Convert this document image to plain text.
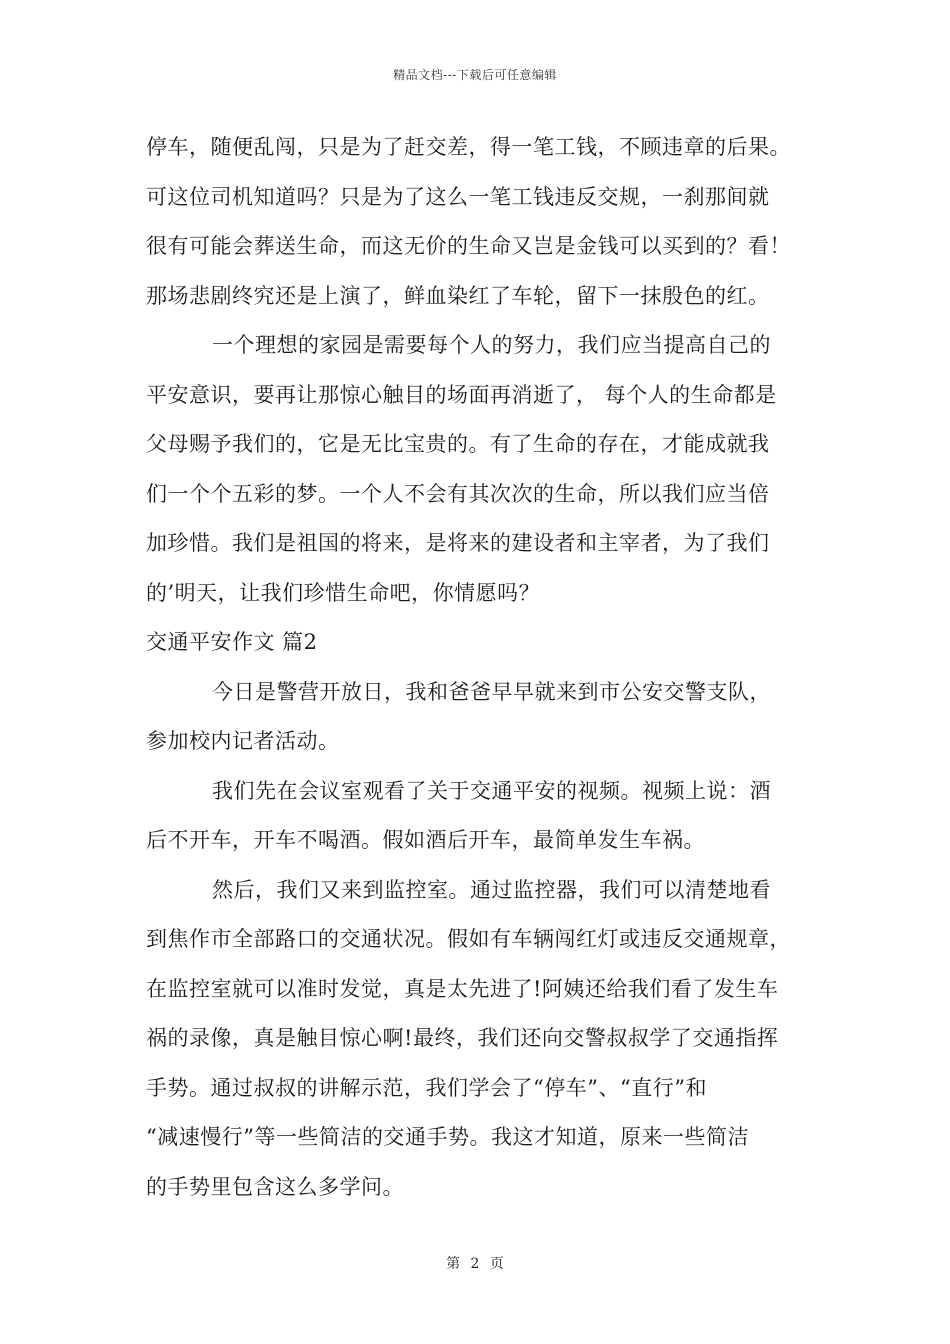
精品文档---下载后可任意编辑
停车，随便乱闯，只是为了赶交差，得一笔工钱，不顾违章的后果。
可这位司机知道吗？只是为了这么一笔工钱违反交规，一刹那间就
很有可能会葬送生命，而这无价的生命又岂是金钱可以买到的？看！
那场悲剧终究还是上演了，鲜血染红了车轮，留下一抹殷色的红。
一个理想的家园是需要每个人的努力，我们应当提高自己的
平安意识，要再让那惊心触目的场面再消逝了， 每个人的生命都是
父母赐予我们的，它是无比宝贵的。有了生命的存在，才能成就我
们一个个五彩的梦。一个人不会有其次次的生命，所以我们应当倍
加珍惜。我们是祖国的将来，是将来的建设者和主宰者，为了我们
的’明天，让我们珍惜生命吧，你情愿吗？
交通平安作文 篇2
今日是警营开放日，我和爸爸早早就来到市公安交警支队，
参加校内记者活动。
我们先在会议室观看了关于交通平安的视频。视频上说：酒
后不开车，开车不喝酒。假如酒后开车，最简单发生车祸。
然后，我们又来到监控室。通过监控器，我们可以清楚地看
到焦作市全部路口的交通状况。假如有车辆闯红灯或违反交通规章，
在监控室就可以准时发觉，真是太先进了!阿姨还给我们看了发生车
祸的录像，真是触目惊心啊!最终，我们还向交警叔叔学了交通指挥
手势。通过叔叔的讲解示范，我们学会了“停车”、“直行”和
“减速慢行”等一些简洁的交通手势。我这才知道，原来一些简洁
的手势里包含这么多学问。
第 2 页
